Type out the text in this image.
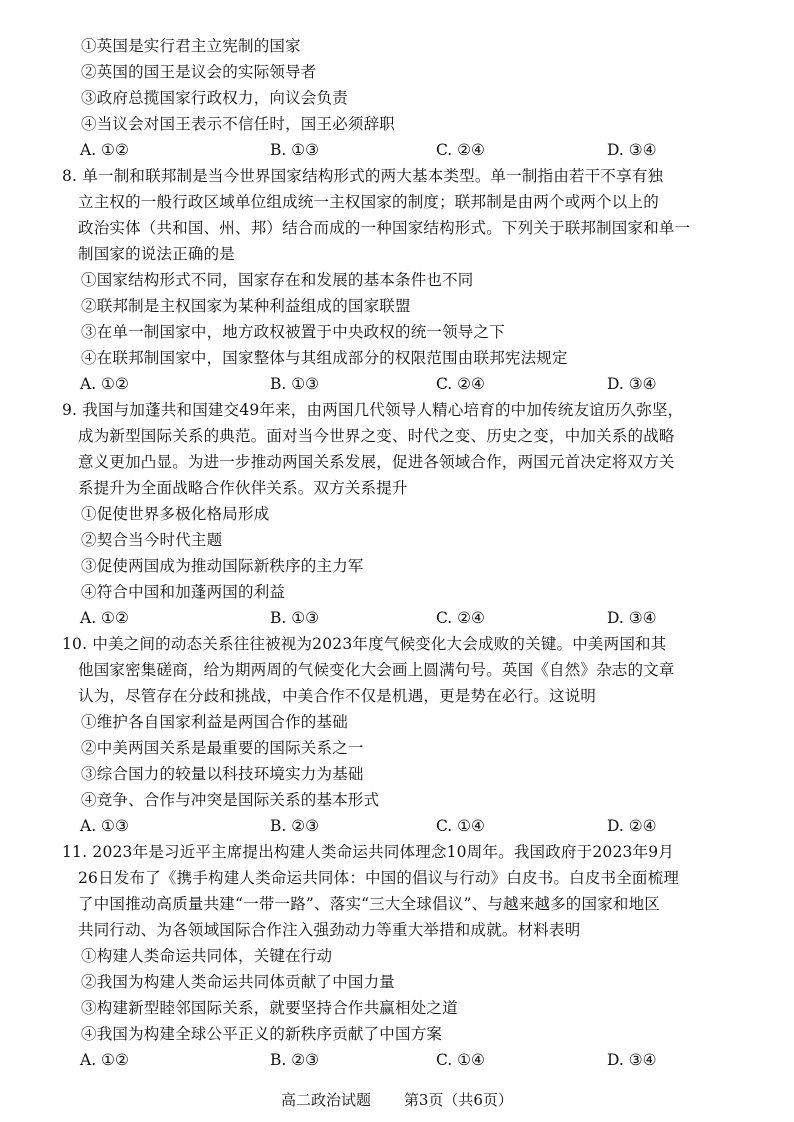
①英国是实行君主立宪制的国家
②英国的国王是议会的实际领导者
③政府总揽国家行政权力，向议会负责
④当议会对国王表示不信任时，国王必须辞职
A. ①②	B. ①③	C. ②④	D. ③④
8. 单一制和联邦制是当今世界国家结构形式的两大基本类型。单一制指由若干不享有独
立主权的一般行政区域单位组成统一主权国家的制度；联邦制是由两个或两个以上的
政治实体（共和国、州、邦）结合而成的一种国家结构形式。下列关于联邦制国家和单一
制国家的说法正确的是
①国家结构形式不同，国家存在和发展的基本条件也不同
②联邦制是主权国家为某种利益组成的国家联盟
③在单一制国家中，地方政权被置于中央政权的统一领导之下
④在联邦制国家中，国家整体与其组成部分的权限范围由联邦宪法规定
A. ①②	B. ①③	C. ②④	D. ③④
9. 我国与加蓬共和国建交49年来，由两国几代领导人精心培育的中加传统友谊历久弥坚，
成为新型国际关系的典范。面对当今世界之变、时代之变、历史之变，中加关系的战略
意义更加凸显。为进一步推动两国关系发展，促进各领域合作，两国元首决定将双方关
系提升为全面战略合作伙伴关系。双方关系提升
①促使世界多极化格局形成
②契合当今时代主题
③促使两国成为推动国际新秩序的主力军
④符合中国和加蓬两国的利益
A. ①②	B. ①③	C. ②④	D. ③④
10. 中美之间的动态关系往往被视为2023年度气候变化大会成败的关键。中美两国和其
他国家密集磋商，给为期两周的气候变化大会画上圆满句号。英国《自然》杂志的文章
认为，尽管存在分歧和挑战，中美合作不仅是机遇，更是势在必行。这说明
①维护各自国家利益是两国合作的基础
②中美两国关系是最重要的国际关系之一
③综合国力的较量以科技环境实力为基础
④竞争、合作与冲突是国际关系的基本形式
A. ①③	B. ②③	C. ①④	D. ②④
11. 2023年是习近平主席提出构建人类命运共同体理念10周年。我国政府于2023年9月
26日发布了《携手构建人类命运共同体：中国的倡议与行动》白皮书。白皮书全面梳理
了中国推动高质量共建“一带一路”、落实“三大全球倡议”、与越来越多的国家和地区
共同行动、为各领域国际合作注入强劲动力等重大举措和成就。材料表明
①构建人类命运共同体，关键在行动
②我国为构建人类命运共同体贡献了中国力量
③构建新型睦邻国际关系，就要坚持合作共赢相处之道
④我国为构建全球公平正义的新秩序贡献了中国方案
A. ①②	B. ②③	C. ①④	D. ③④
高二政治试题 第3页（共6页）
